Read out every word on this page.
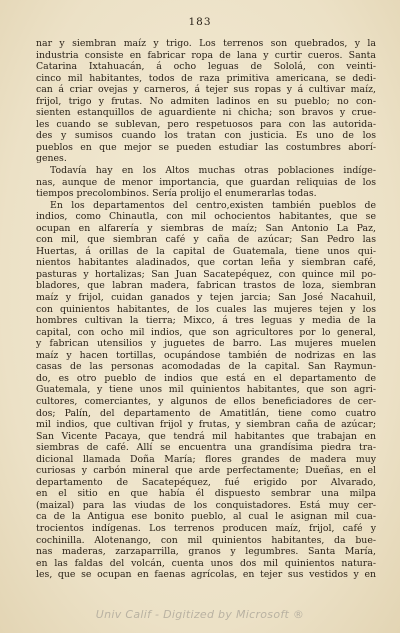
183
nar y siembran maíz y trigo. Los terrenos son quebrados, y la
industria consiste en fabricar ropa de lana y curtir cueros. Santa
Catarina Ixtahuacán, á ocho leguas de Sololá, con veinti-
cinco mil habitantes, todos de raza primitiva americana, se dedi-
can á criar ovejas y carneros, á tejer sus ropas y á cultivar maíz,
frijol, trigo y frutas. No admiten ladinos en su pueblo; no con-
sienten estanquillos de aguardiente ni chicha; son bravos y crue-
les cuando se sublevan, pero respetuosos para con las autorida-
des y sumisos cuando los tratan con justicia. Es uno de los
pueblos en que mejor se pueden estudiar las costumbres aborí-
genes.
Todavía hay en los Altos muchas otras poblaciones indíge-
nas, aunque de menor importancia, que guardan reliquias de los
tiempos precolombinos. Sería prolijo el enumerarlas todas.
En los departamentos del centro,existen también pueblos de
indios, como Chinautla, con mil ochocientos habitantes, que se
ocupan en alfarería y siembras de maíz; San Antonio La Paz,
con mil, que siembran café y caña de azúcar; San Pedro las
Huertas, á orillas de la capital de Guatemala, tiene unos qui-
nientos habitantes aladinados, que cortan leña y siembran café,
pasturas y hortalizas; San Juan Sacatepéquez, con quince mil po-
bladores, que labran madera, fabrican trastos de loza, siembran
maíz y frijol, cuidan ganados y tejen jarcia; San José Nacahuil,
con quinientos habitantes, de los cuales las mujeres tejen y los
hombres cultivan la tierra; Mixco, á tres leguas y media de la
capital, con ocho mil indios, que son agricultores por lo general,
y fabrican utensilios y juguetes de barro. Las mujeres muelen
maíz y hacen tortillas, ocupándose también de nodrizas en las
casas de las personas acomodadas de la capital. San Raymun-
do, es otro pueblo de indios que está en el departamento de
Guatemala, y tiene unos mil quinientos habitantes, que son agri-
cultores, comerciantes, y algunos de ellos beneficiadores de cer-
dos; Palín, del departamento de Amatitlán, tiene como cuatro
mil indios, que cultivan frijol y frutas, y siembran caña de azúcar;
San Vicente Pacaya, que tendrá mil habitantes que trabajan en
siembras de café. Allí se encuentra una grandísima piedra tra-
dicional llamada Doña María; flores grandes de madera muy
curiosas y carbón mineral que arde perfectamente; Dueñas, en el
departamento de Sacatepéquez, fué erigido por Alvarado,
en el sitio en que había él dispuesto sembrar una milpa
(maizal) para las viudas de los conquistadores. Está muy cer-
ca de la Antigua ese bonito pueblo, al cual le asignan mil cua-
trocientos indígenas. Los terrenos producen maíz, frijol, café y
cochinilla. Alotenango, con mil quinientos habitantes, da bue-
nas maderas, zarzaparrilla, granos y legumbres. Santa María,
en las faldas del volcán, cuenta unos dos mil quinientos natura-
les, que se ocupan en faenas agrícolas, en tejer sus vestidos y en
Univ Calif - Digitized by Microsoft ®
